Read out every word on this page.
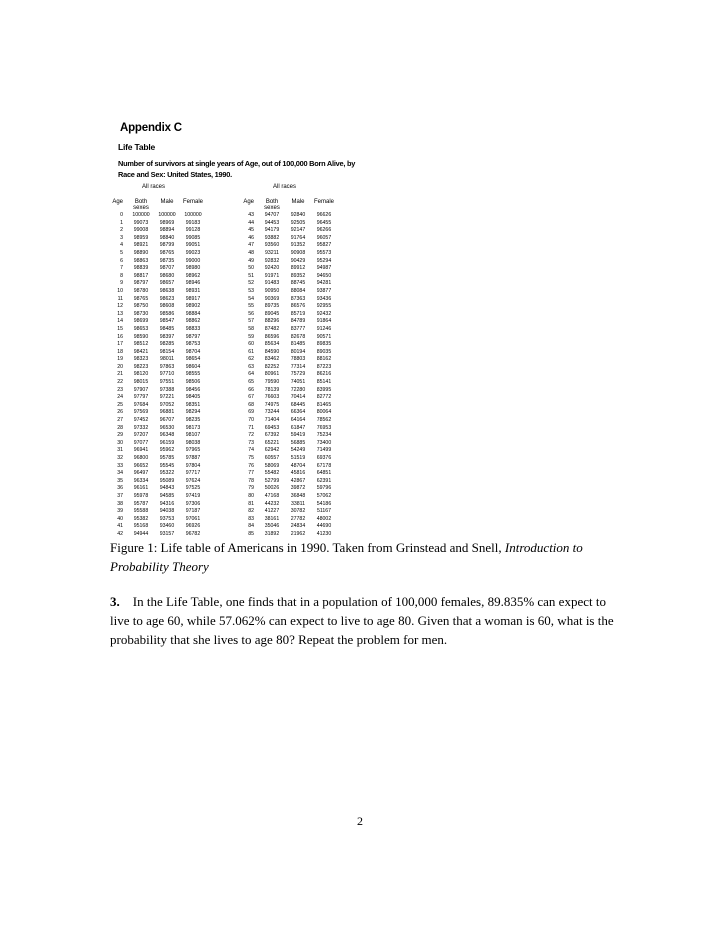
Appendix C
Life Table
Number of survivors at single years of Age, out of 100,000 Born Alive, by Race and Sex: United States, 1990.
All races	All races
Age	Both sexes	Male	Female
0	100000	100000	100000
1	99073	98969	99183
2	99008	98894	99128
3	98959	98840	99085
4	98921	98799	99051
5	98890	98765	99023
6	98863	98735	99000
7	98839	98707	98980
8	98817	98680	98962
9	98797	98657	98946
10	98780	98638	98931
11	98765	98623	98917
12	98750	98608	98902
13	98730	98586	98884
14	98699	98547	98862
15	98653	98485	98833
16	98590	98397	98797
17	98512	98285	98753
18	98421	98154	98704
19	98323	98011	98654
20	98223	97863	98604
21	98120	97710	98555
22	98015	97551	98506
23	97907	97388	98456
24	97797	97221	98405
25	97684	97052	98351
26	97569	96881	98294
27	97452	96707	98235
28	97332	96530	98173
29	97207	96348	98107
30	97077	96159	98038
31	96941	95962	97965
32	96800	95785	97887
33	96652	95545	97804
34	96497	95322	97717
35	96334	95089	97624
36	96161	94843	97525
37	95978	94585	97419
38	95787	94316	97306
39	95588	94038	97187
40	95382	93753	97061
41	95168	93460	96926
42	94944	93157	96782
Age	Both sexes	Male	Female
43	94707	92840	96626
44	94453	92505	96455
45	94179	92147	96266
46	93882	91764	96057
47	93560	91352	95827
48	93211	90908	95573
49	92832	90429	95294
50	92420	89912	94987
51	91971	89352	94650
52	91483	88745	94281
53	90950	88084	93877
54	90369	87363	93436
55	89735	86576	92955
56	89045	85719	92432
57	88296	84789	91864
58	87482	83777	91246
59	86596	82678	90571
60	85634	81485	89835
61	84590	80194	89035
62	83462	78803	88162
63	82252	77314	87223
64	80961	75729	86216
65	79590	74051	85141
66	78139	72280	83995
67	76603	70414	82772
68	74975	68445	81465
69	73244	66364	80064
70	71404	64164	78562
71	69453	61847	76953
72	67392	59419	75234
73	65221	56885	73400
74	62942	54249	71499
75	60557	51519	69376
76	58069	48704	67178
77	55482	45816	64851
78	52799	42867	62391
79	50026	39872	59796
80	47168	36848	57062
81	44232	33811	54186
82	41227	30782	51167
83	38161	27782	48002
84	35046	24834	44690
85	31892	21962	41230

Figure 1: Life table of Americans in 1990. Taken from Grinstead and Snell, Introduction to Probability Theory

3. In the Life Table, one finds that in a population of 100,000 females, 89.835% can expect to live to age 60, while 57.062% can expect to live to age 80. Given that a woman is 60, what is the probability that she lives to age 80? Repeat the problem for men.

2
